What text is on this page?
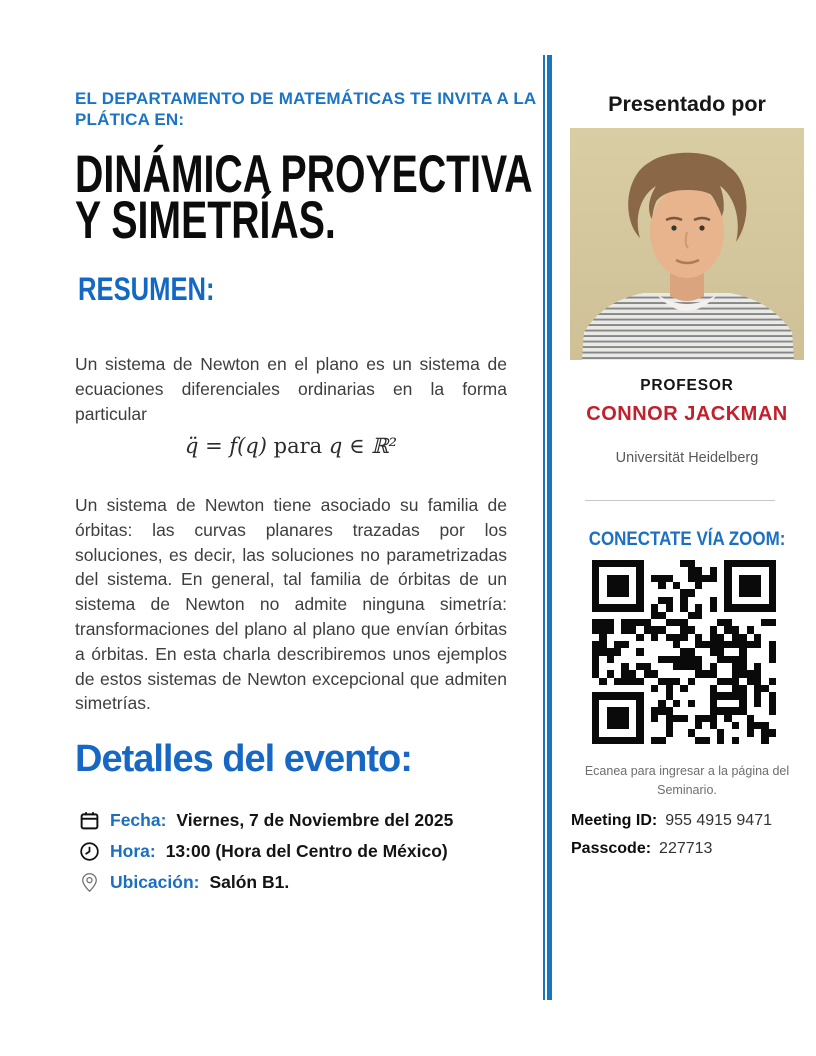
EL DEPARTAMENTO DE MATEMÁTICAS TE INVITA A LA PLÁTICA EN:
DINÁMICA PROYECTIVA
Y SIMETRÍAS.
RESUMEN:
Un sistema de Newton en el plano es un sistema de ecuaciones diferenciales ordinarias en la forma particular
q̈ = f(q) para q ∈ ℝ²
Un sistema de Newton tiene asociado su familia de órbitas: las curvas planares trazadas por los soluciones, es decir, las soluciones no parametrizadas del sistema. En general, tal familia de órbitas de un sistema de Newton no admite ninguna simetría: transformaciones del plano al plano que envían órbitas a órbitas. En esta charla describiremos unos ejemplos de estos sistemas de Newton excepcional que admiten simetrías.
Detalles del evento:
Fecha: Viernes, 7 de Noviembre del 2025
Hora: 13:00 (Hora del Centro de México)
Ubicación: Salón B1.
Presentado por
PROFESOR
CONNOR JACKMAN
Universität Heidelberg
CONECTATE VÍA ZOOM:
Ecanea para ingresar a la página del Seminario.
Meeting ID: 955 4915 9471
Passcode: 227713
